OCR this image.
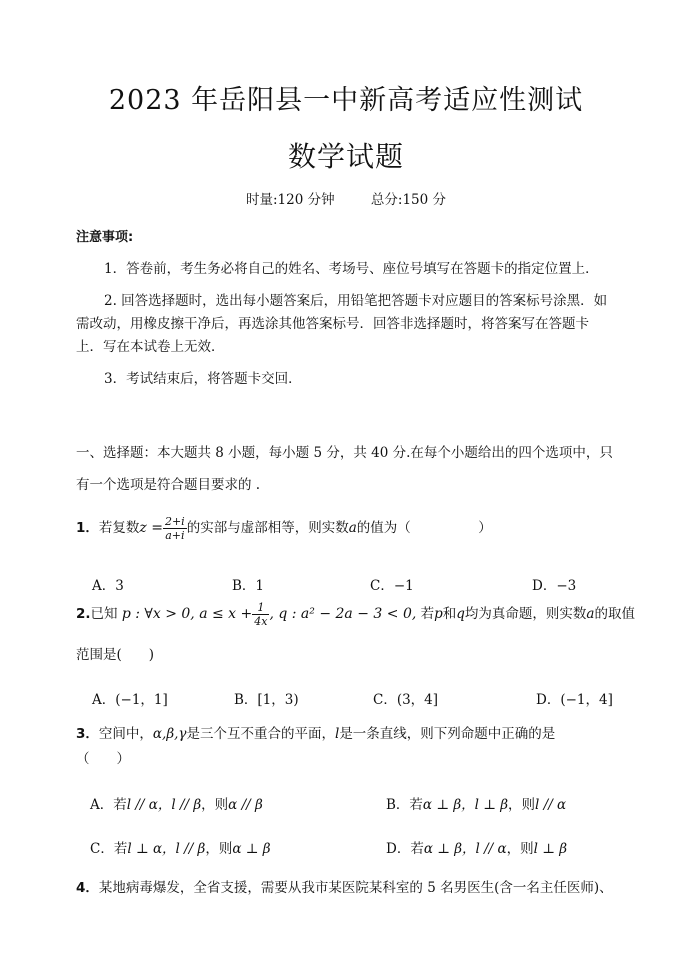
2023 年岳阳县一中新高考适应性测试
数学试题
时量:120 分钟	总分:150 分
注意事项:
1．答卷前，考生务必将自己的姓名、考场号、座位号填写在答题卡的指定位置上．
2. 回答选择题时，选出每小题答案后，用铅笔把答题卡对应题目的答案标号涂黑．如
需改动，用橡皮擦干净后，再选涂其他答案标号．回答非选择题时，将答案写在答题卡
上．写在本试卷上无效．
3．考试结束后，将答题卡交回．
一、选择题：本大题共 8 小题，每小题 5 分，共 40 分.在每个小题给出的四个选项中，只
有一个选项是符合题目要求的 .
1．若复数$z = \frac{2+i}{a+i}$ 的实部与虚部相等，则实数a的值为（　　　　　）
A．3	B．1	C．−1	D．−3
2.已知 p : ∀x > 0, $a \le x + \frac{1}{4x}$ , q : a² − 2a − 3 < 0, 若p和q均为真命题，则实数a的取值
范围是(　　)
A．(−1，1]	B．[1，3)	C．(3，4]	D．(−1，4]
3．空间中，α,β,γ是三个互不重合的平面，l是一条直线，则下列命题中正确的是
（　　）
A．若l // α，l // β，则α // β	B．若α ⊥ β，l ⊥ β，则l // α
C．若l ⊥ α，l // β，则α ⊥ β	D．若α ⊥ β，l // α，则l ⊥ β
4．某地病毒爆发，全省支援，需要从我市某医院某科室的 5 名男医生(含一名主任医师)、
